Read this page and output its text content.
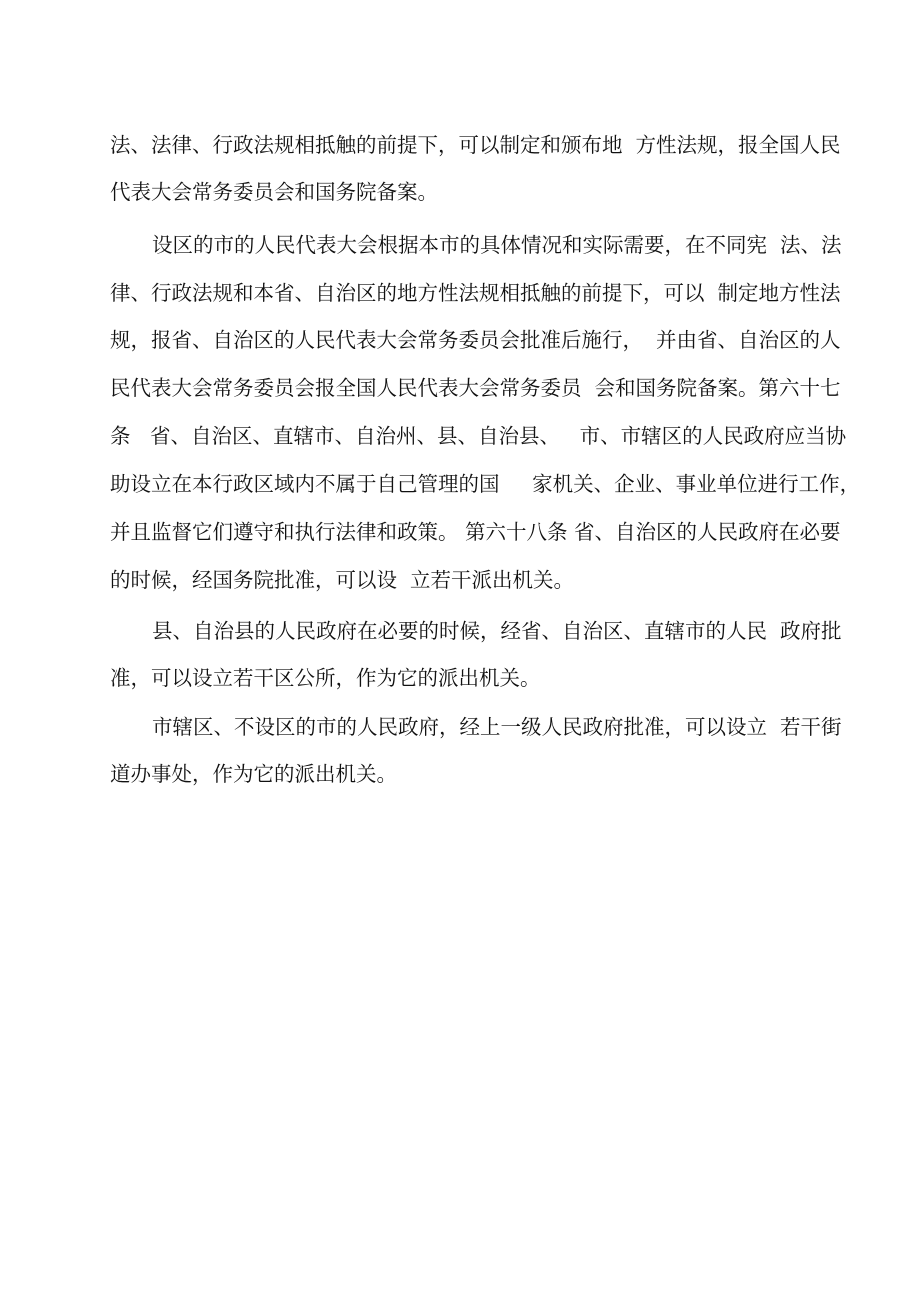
法、法律、行政法规相抵触的前提下，可以制定和颁布地  方性法规，报全国人民
代表大会常务委员会和国务院备案。
设区的市的人民代表大会根据本市的具体情况和实际需要，在不同宪  法、法
律、行政法规和本省、自治区的地方性法规相抵触的前提下，可以  制定地方性法
规，报省、自治区的人民代表大会常务委员会批准后施行，  并由省、自治区的人
民代表大会常务委员会报全国人民代表大会常务委员  会和国务院备案。第六十七
条   省、自治区、直辖市、自治州、县、自治县、   市、市辖区的人民政府应当协
助设立在本行政区域内不属于自己管理的国     家机关、企业、事业单位进行工作，
并且监督它们遵守和执行法律和政策。 第六十八条 省、自治区的人民政府在必要
的时候，经国务院批准，可以设  立若干派出机关。
县、自治县的人民政府在必要的时候，经省、自治区、直辖市的人民  政府批
准，可以设立若干区公所，作为它的派出机关。
市辖区、不设区的市的人民政府，经上一级人民政府批准，可以设立  若干街
道办事处，作为它的派出机关。
